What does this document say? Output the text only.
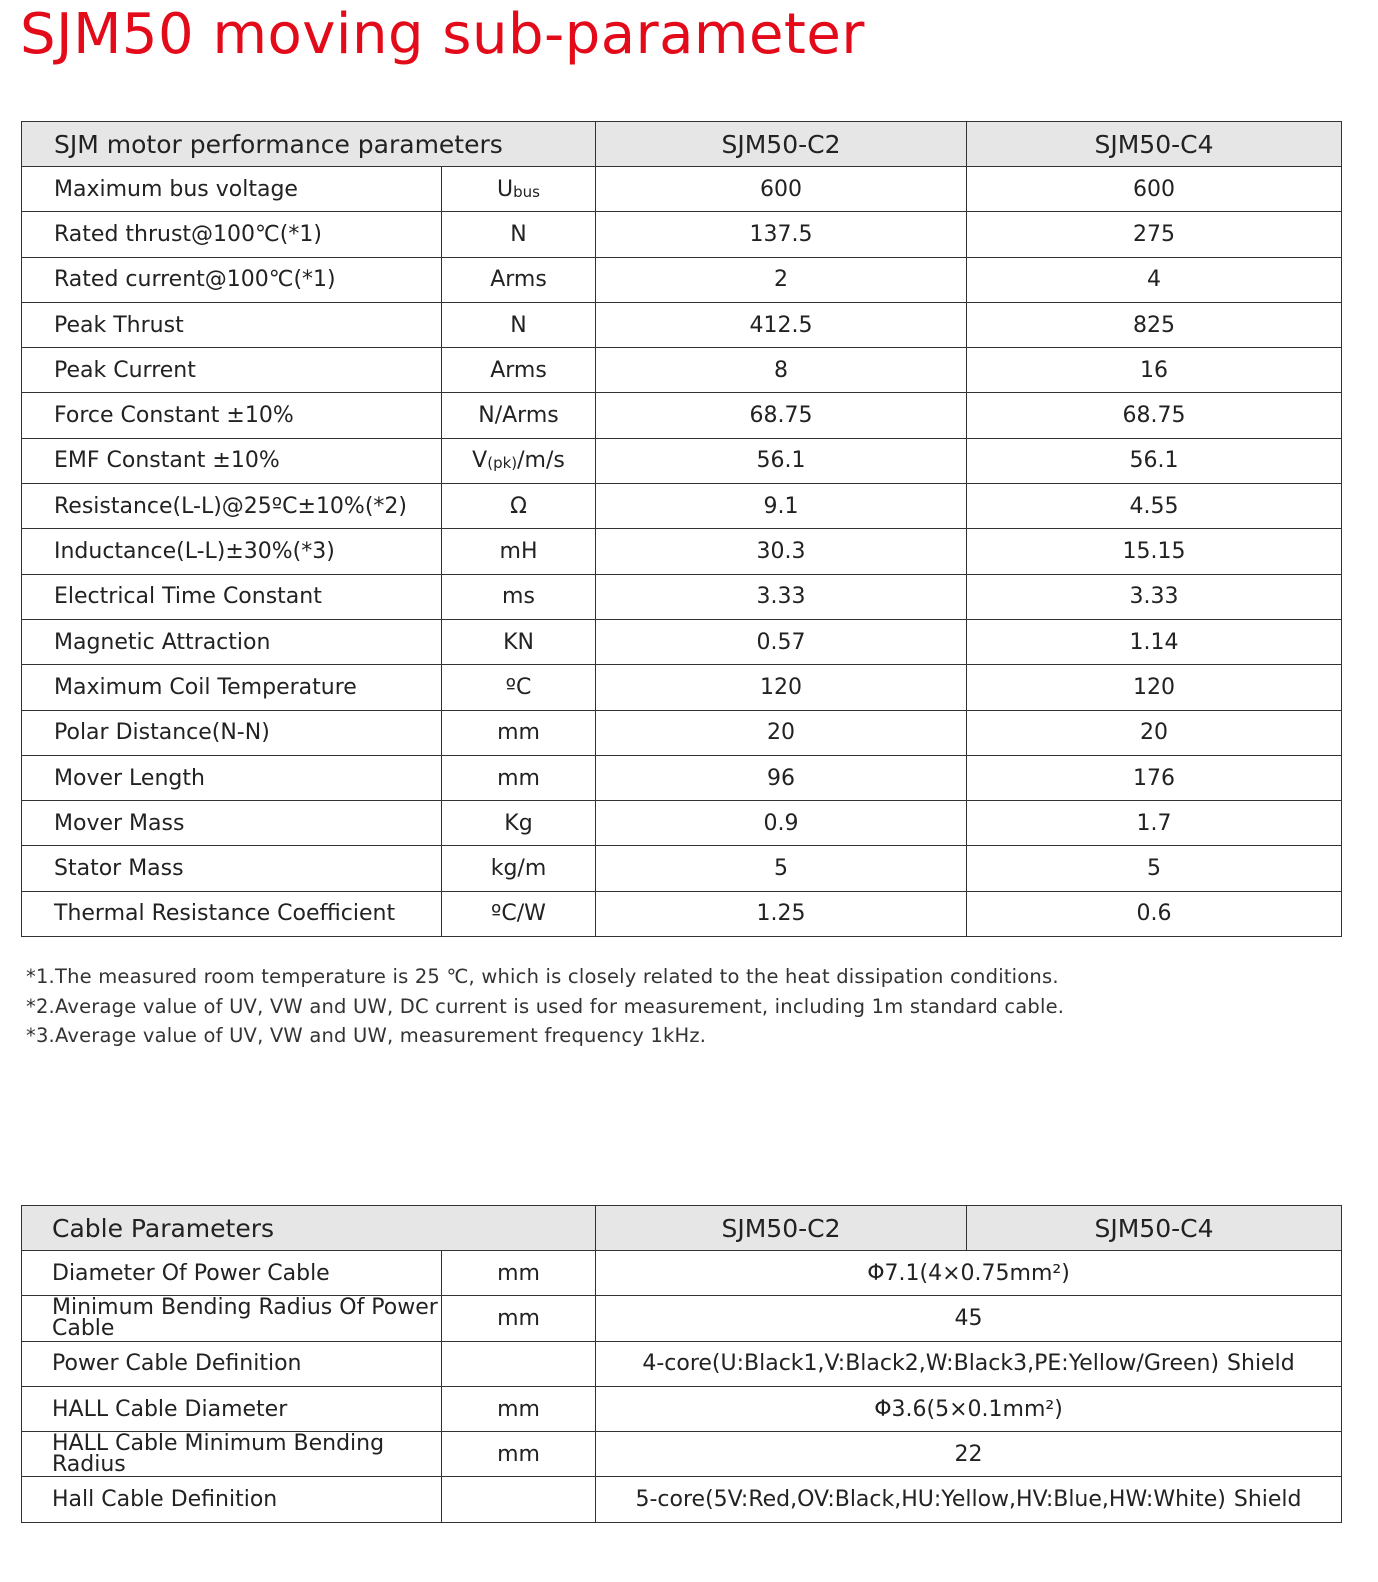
SJM50 moving sub-parameter
SJM motor performance parameters		SJM50-C2	SJM50-C4
Maximum bus voltage	$U_{bus}$	600	600
Rated thrust@100℃(*1)	N	137.5	275
Rated current@100℃(*1)	Arms	2	4
Peak Thrust	N	412.5	825
Peak Current	Arms	8	16
Force Constant ±10%	N/Arms	68.75	68.75
EMF Constant ±10%	$V_{(pk)}/m/s$	56.1	56.1
Resistance(L-L)@25ºC±10%(*2)	Ω	9.1	4.55
Inductance(L-L)±30%(*3)	mH	30.3	15.15
Electrical Time Constant	ms	3.33	3.33
Magnetic Attraction	KN	0.57	1.14
Maximum Coil Temperature	ºC	120	120
Polar Distance(N-N)	mm	20	20
Mover Length	mm	96	176
Mover Mass	Kg	0.9	1.7
Stator Mass	kg/m	5	5
Thermal Resistance Coefficient	ºC/W	1.25	0.6
*1.The measured room temperature is 25 ℃, which is closely related to the heat dissipation conditions.
*2.Average value of UV, VW and UW, DC current is used for measurement, including 1m standard cable.
*3.Average value of UV, VW and UW, measurement frequency 1kHz.
Cable Parameters		SJM50-C2	SJM50-C4
Diameter Of Power Cable	mm	Φ7.1(4×0.75mm²)	
Minimum Bending Radius Of Power Cable	mm	45	
Power Cable Definition		4-core(U:Black1,V:Black2,W:Black3,PE:Yellow/Green) Shield	
HALL Cable Diameter	mm	Φ3.6(5×0.1mm²)	
HALL Cable Minimum Bending Radius	mm	22	
Hall Cable Definition		5-core(5V:Red,OV:Black,HU:Yellow,HV:Blue,HW:White) Shield	
